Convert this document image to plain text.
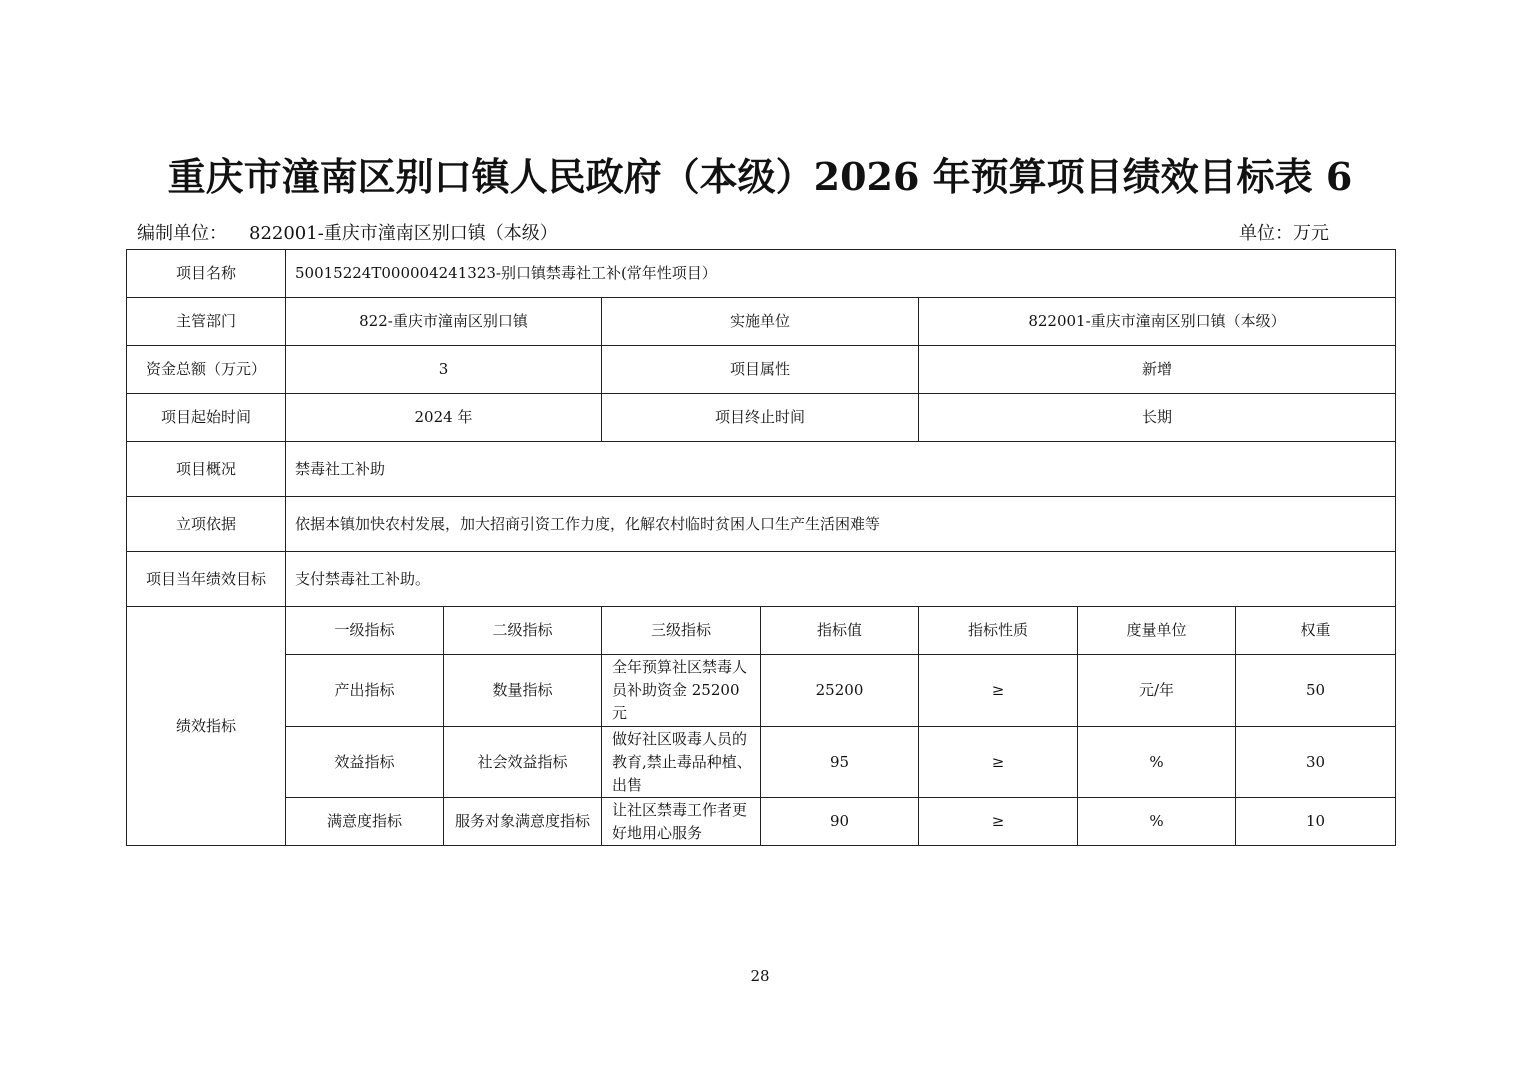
重庆市潼南区别口镇人民政府（本级）2026 年预算项目绩效目标表 6
编制单位： 822001-重庆市潼南区别口镇（本级）	单位：万元
项目名称	50015224T000004241323-别口镇禁毒社工补(常年性项目）						
主管部门	822-重庆市潼南区别口镇		实施单位		822001-重庆市潼南区别口镇（本级）		
资金总额（万元）	3		项目属性		新增		
项目起始时间	2024 年		项目终止时间		长期		
项目概况	禁毒社工补助						
立项依据	依据本镇加快农村发展，加大招商引资工作力度，化解农村临时贫困人口生产生活困难等						
项目当年绩效目标	支付禁毒社工补助。						
绩效指标	一级指标	二级指标	三级指标	指标值	指标性质	度量单位	权重
	产出指标	数量指标	全年预算社区禁毒人员补助资金 25200 元	25200	≥	元/年	50
	效益指标	社会效益指标	做好社区吸毒人员的教育,禁止毒品种植、出售	95	≥	%	30
	满意度指标	服务对象满意度指标	让社区禁毒工作者更好地用心服务	90	≥	%	10
28
